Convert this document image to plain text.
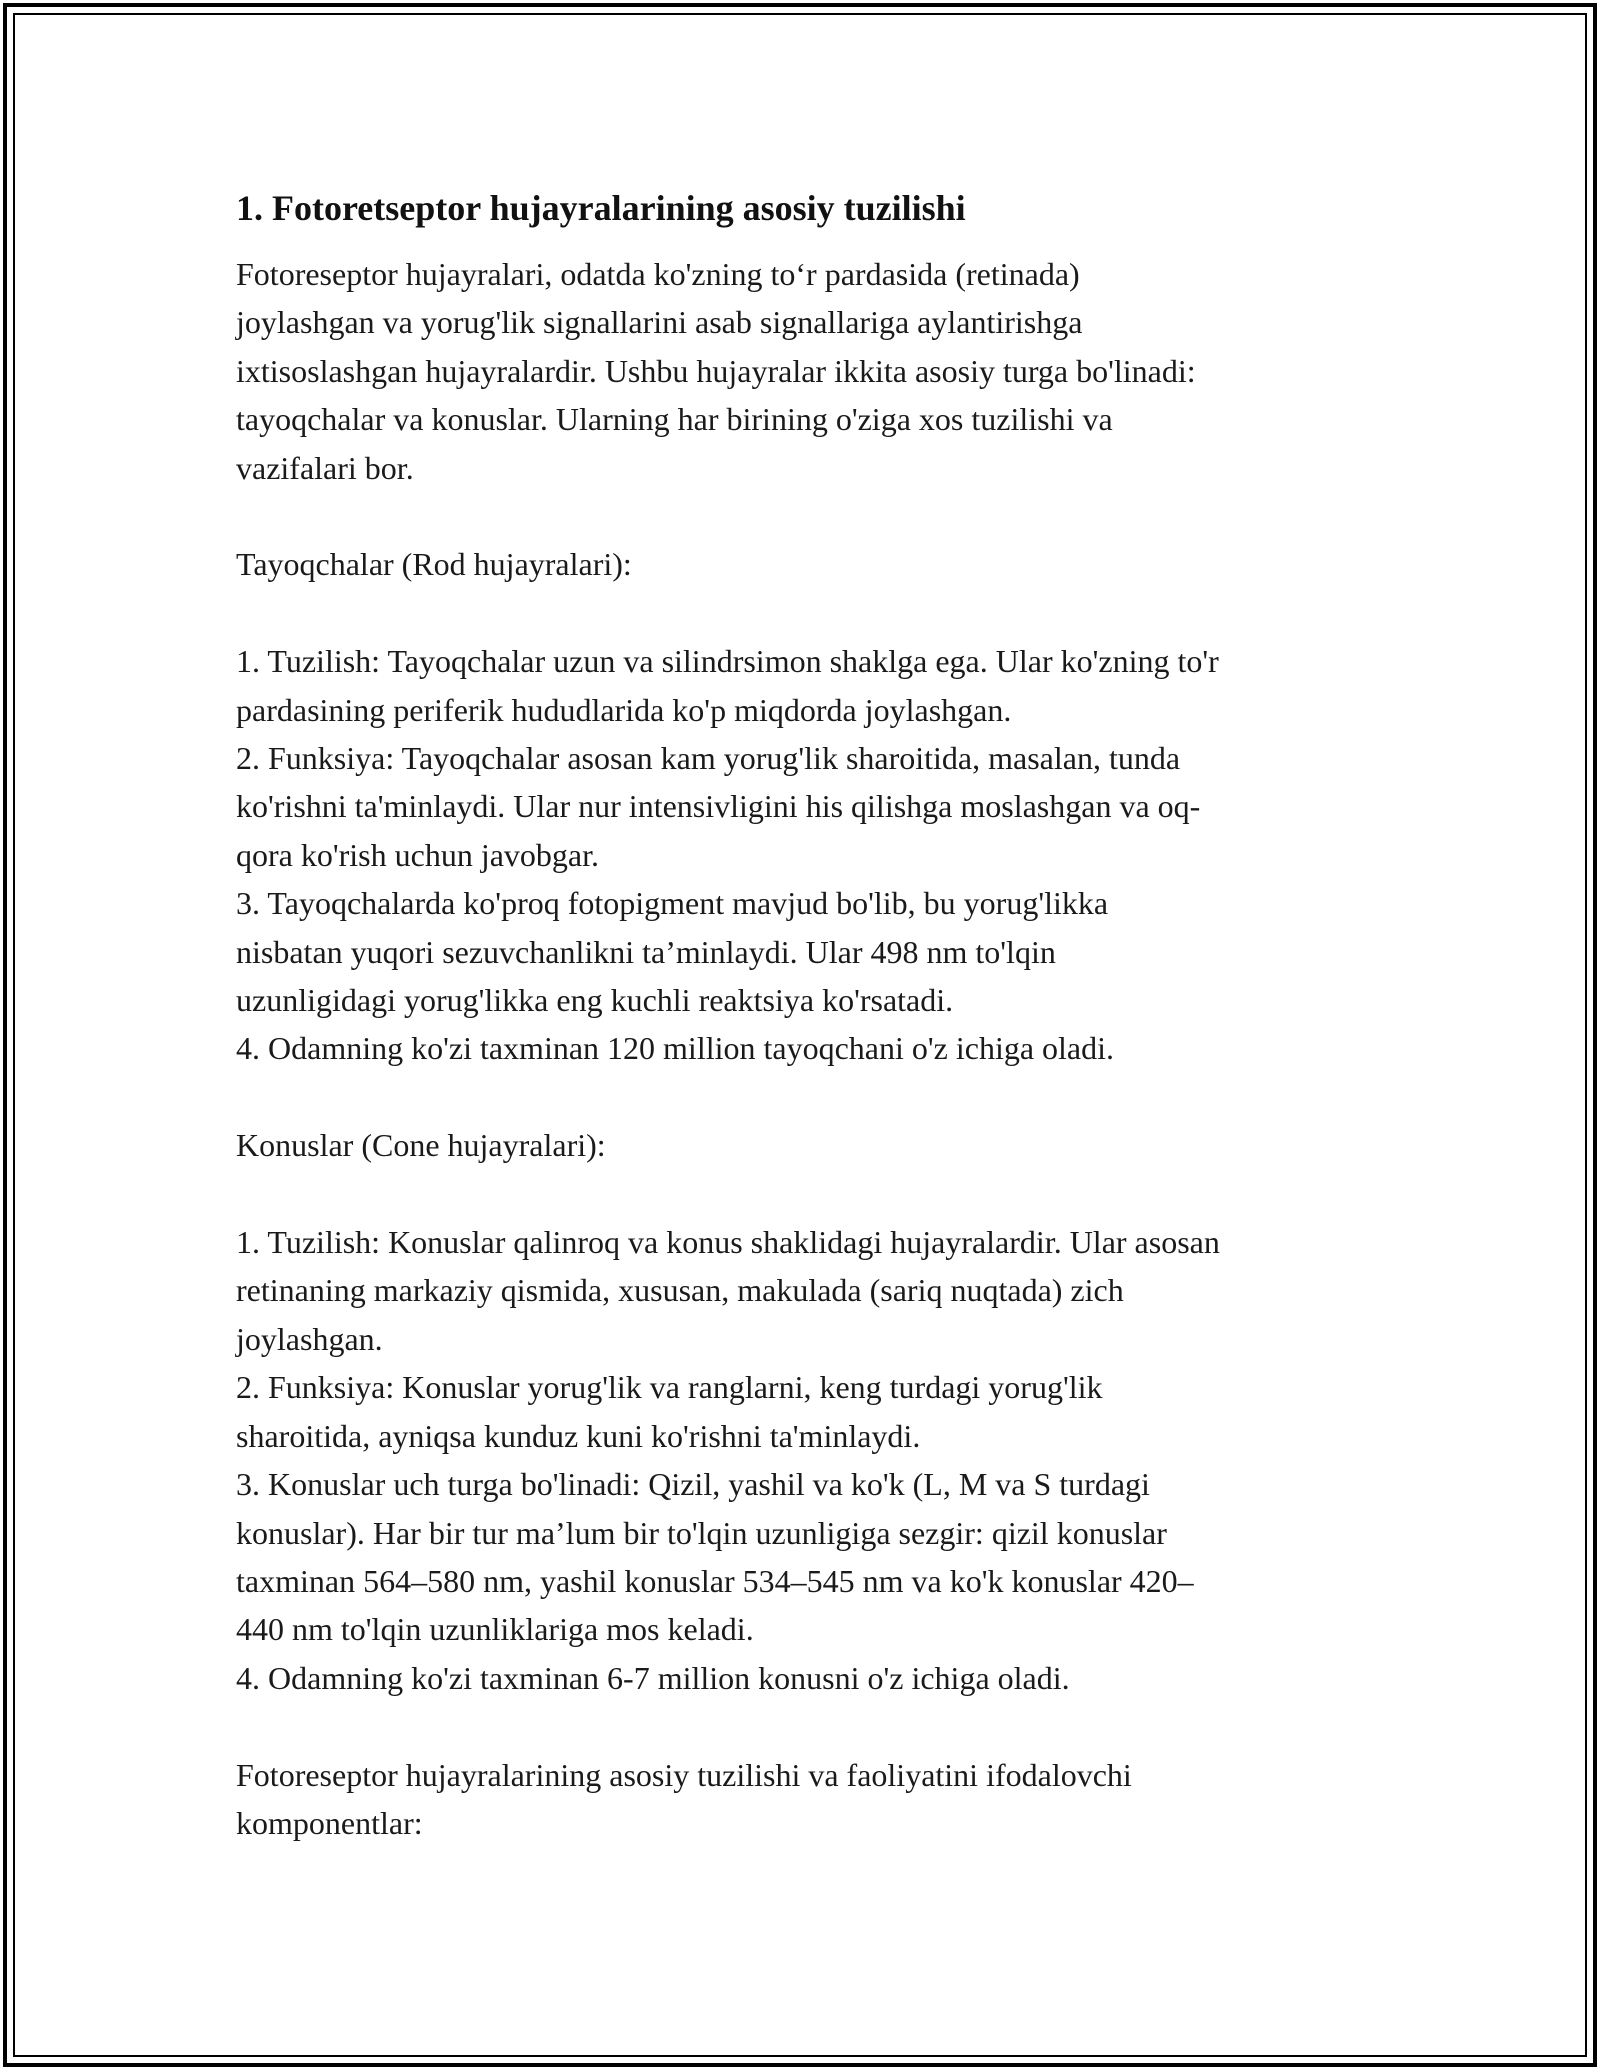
1. Fotoretseptor hujayralarining asosiy tuzilishi
Fotoreseptor hujayralari, odatda ko'zning to‘r pardasida (retinada)
joylashgan va yorug'lik signallarini asab signallariga aylantirishga
ixtisoslashgan hujayralardir. Ushbu hujayralar ikkita asosiy turga bo'linadi:
tayoqchalar va konuslar. Ularning har birining o'ziga xos tuzilishi va
vazifalari bor.
Tayoqchalar (Rod hujayralari):
1. Tuzilish: Tayoqchalar uzun va silindrsimon shaklga ega. Ular ko'zning to'r
pardasining periferik hududlarida ko'p miqdorda joylashgan.
2. Funksiya: Tayoqchalar asosan kam yorug'lik sharoitida, masalan, tunda
ko'rishni ta'minlaydi. Ular nur intensivligini his qilishga moslashgan va oq-
qora ko'rish uchun javobgar.
3. Tayoqchalarda ko'proq fotopigment mavjud bo'lib, bu yorug'likka
nisbatan yuqori sezuvchanlikni ta’minlaydi. Ular 498 nm to'lqin
uzunligidagi yorug'likka eng kuchli reaktsiya ko'rsatadi.
4. Odamning ko'zi taxminan 120 million tayoqchani o'z ichiga oladi.
Konuslar (Cone hujayralari):
1. Tuzilish: Konuslar qalinroq va konus shaklidagi hujayralardir. Ular asosan
retinaning markaziy qismida, xususan, makulada (sariq nuqtada) zich
joylashgan.
2. Funksiya: Konuslar yorug'lik va ranglarni, keng turdagi yorug'lik
sharoitida, ayniqsa kunduz kuni ko'rishni ta'minlaydi.
3. Konuslar uch turga bo'linadi: Qizil, yashil va ko'k (L, M va S turdagi
konuslar). Har bir tur ma’lum bir to'lqin uzunligiga sezgir: qizil konuslar
taxminan 564–580 nm, yashil konuslar 534–545 nm va ko'k konuslar 420–
440 nm to'lqin uzunliklariga mos keladi.
4. Odamning ko'zi taxminan 6-7 million konusni o'z ichiga oladi.
Fotoreseptor hujayralarining asosiy tuzilishi va faoliyatini ifodalovchi
komponentlar:
